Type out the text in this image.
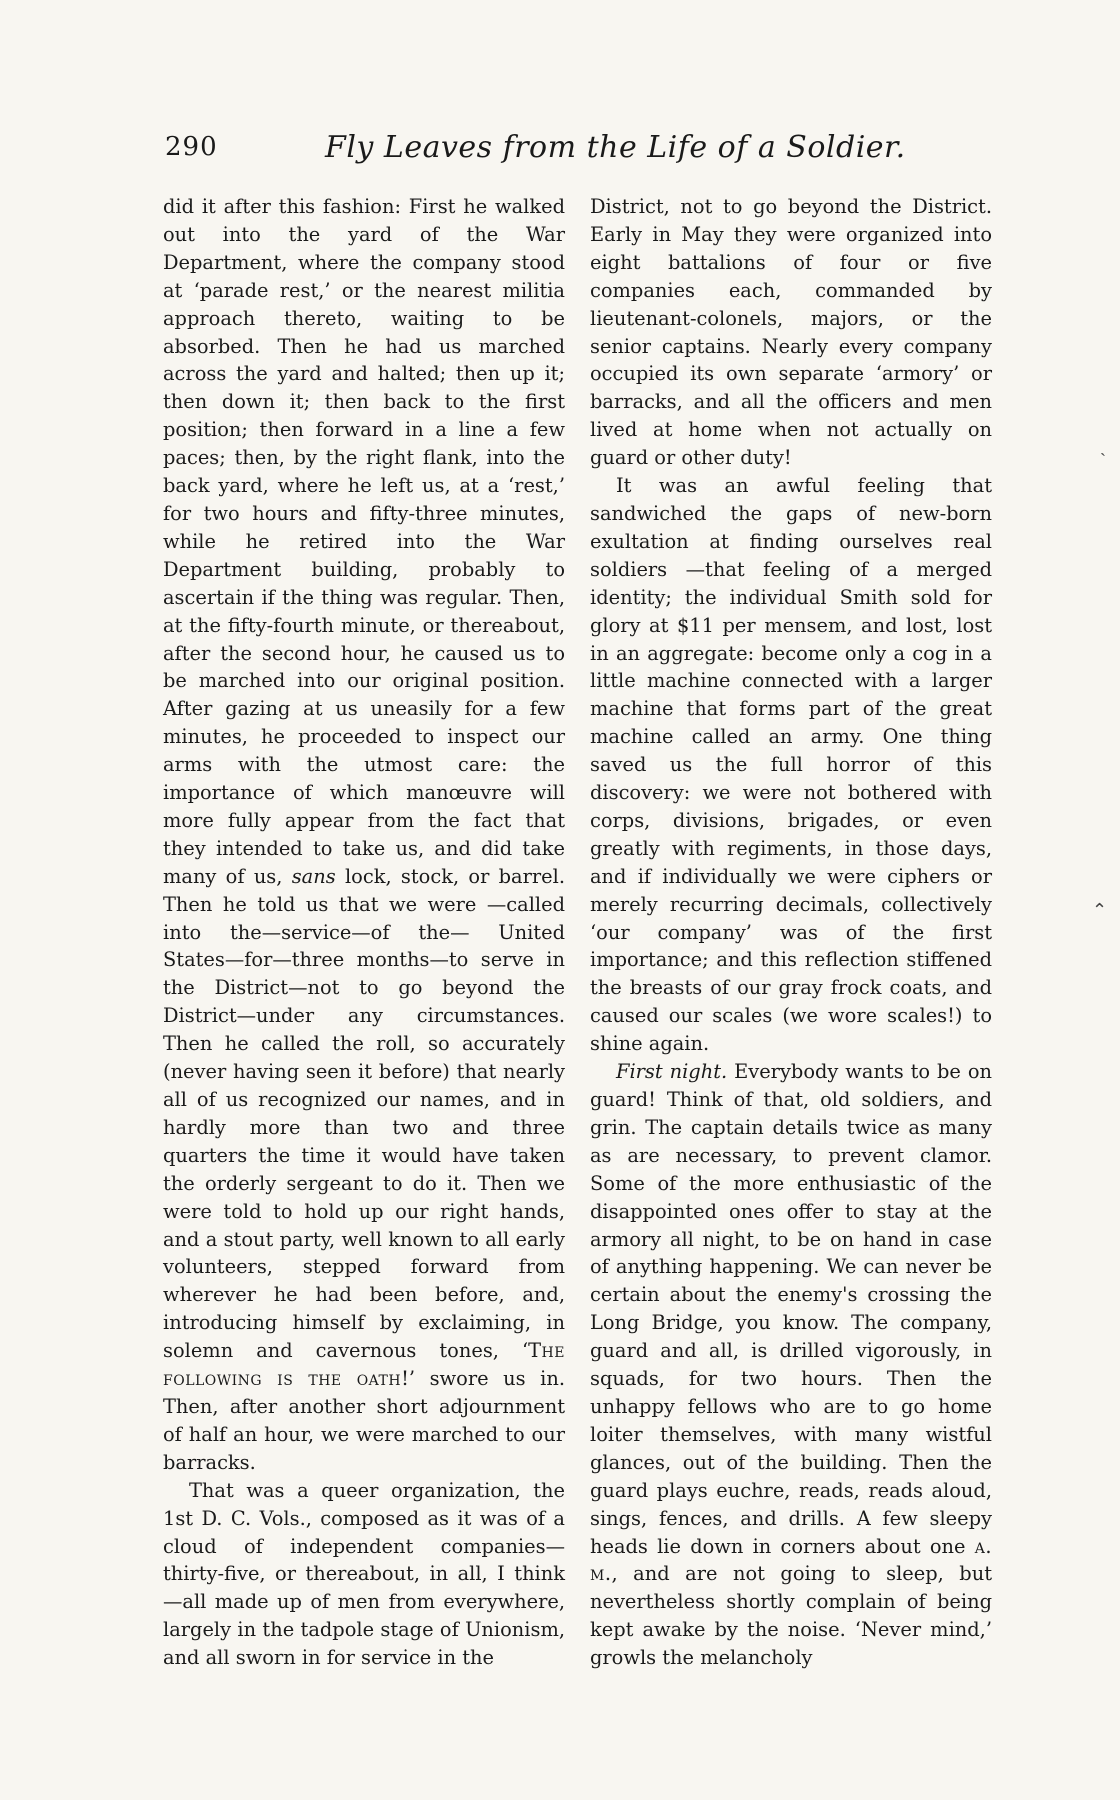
290	Fly Leaves from the Life of a Soldier.

did it after this fashion: First he walked out into the yard of the War Department, where the company stood at ‘parade rest,’ or the nearest militia approach thereto, waiting to be absorbed. Then he had us marched across the yard and halted; then up it; then down it; then back to the first position; then forward in a line a few paces; then, by the right flank, into the back yard, where he left us, at a ‘rest,’ for two hours and fifty-three minutes, while he retired into the War Department building, probably to ascertain if the thing was regular. Then, at the fifty-fourth minute, or thereabout, after the second hour, he caused us to be marched into our original position. After gazing at us uneasily for a few minutes, he proceeded to inspect our arms with the utmost care: the importance of which manœuvre will more fully appear from the fact that they intended to take us, and did take many of us, sans lock, stock, or barrel. Then he told us that we were —called into the—service—of the— United States—for—three months—to serve in the District—not to go beyond the District—under any circumstances. Then he called the roll, so accurately (never having seen it before) that nearly all of us recognized our names, and in hardly more than two and three quarters the time it would have taken the orderly sergeant to do it. Then we were told to hold up our right hands, and a stout party, well known to all early volunteers, stepped forward from wherever he had been before, and, introducing himself by exclaiming, in solemn and cavernous tones, ‘The following is the oath!’ swore us in. Then, after another short adjournment of half an hour, we were marched to our barracks.

That was a queer organization, the 1st D. C. Vols., composed as it was of a cloud of independent companies— thirty-five, or thereabout, in all, I think —all made up of men from everywhere, largely in the tadpole stage of Unionism, and all sworn in for service in the

District, not to go beyond the District. Early in May they were organized into eight battalions of four or five companies each, commanded by lieutenant-colonels, majors, or the senior captains. Nearly every company occupied its own separate ‘armory’ or barracks, and all the officers and men lived at home when not actually on guard or other duty!

It was an awful feeling that sandwiched the gaps of new-born exultation at finding ourselves real soldiers —that feeling of a merged identity; the individual Smith sold for glory at $11 per mensem, and lost, lost in an aggregate: become only a cog in a little machine connected with a larger machine that forms part of the great machine called an army. One thing saved us the full horror of this discovery: we were not bothered with corps, divisions, brigades, or even greatly with regiments, in those days, and if individually we were ciphers or merely recurring decimals, collectively ‘our company’ was of the first importance; and this reflection stiffened the breasts of our gray frock coats, and caused our scales (we wore scales!) to shine again.

First night. Everybody wants to be on guard! Think of that, old soldiers, and grin. The captain details twice as many as are necessary, to prevent clamor. Some of the more enthusiastic of the disappointed ones offer to stay at the armory all night, to be on hand in case of anything happening. We can never be certain about the enemy's crossing the Long Bridge, you know. The company, guard and all, is drilled vigorously, in squads, for two hours. Then the unhappy fellows who are to go home loiter themselves, with many wistful glances, out of the building. Then the guard plays euchre, reads, reads aloud, sings, fences, and drills. A few sleepy heads lie down in corners about one a. m., and are not going to sleep, but nevertheless shortly complain of being kept awake by the noise. ‘Never mind,’ growls the melancholy

ˎ
⌃
